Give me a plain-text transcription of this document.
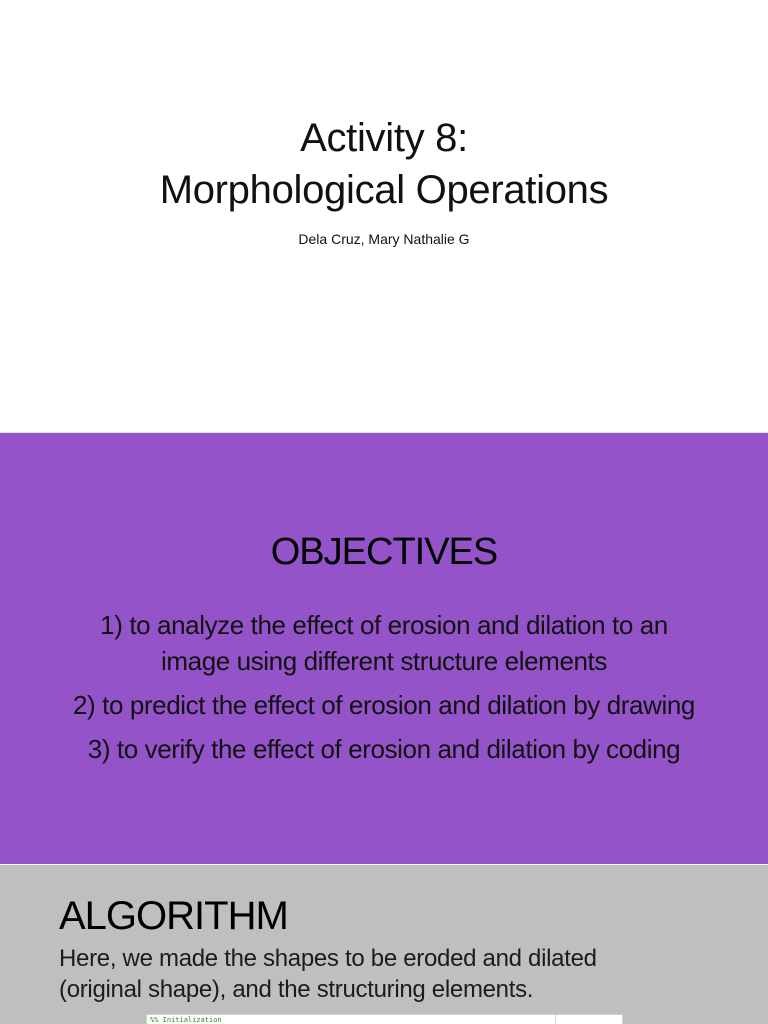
Activity 8:
Morphological Operations
Dela Cruz, Mary Nathalie G
OBJECTIVES
1) to analyze the effect of erosion and dilation to an
image using different structure elements
2) to predict the effect of erosion and dilation by drawing
3) to verify the effect of erosion and dilation by coding
ALGORITHM

Here, we made the shapes to be eroded and dilated
(original shape), and the structuring elements.

%% Initialization
